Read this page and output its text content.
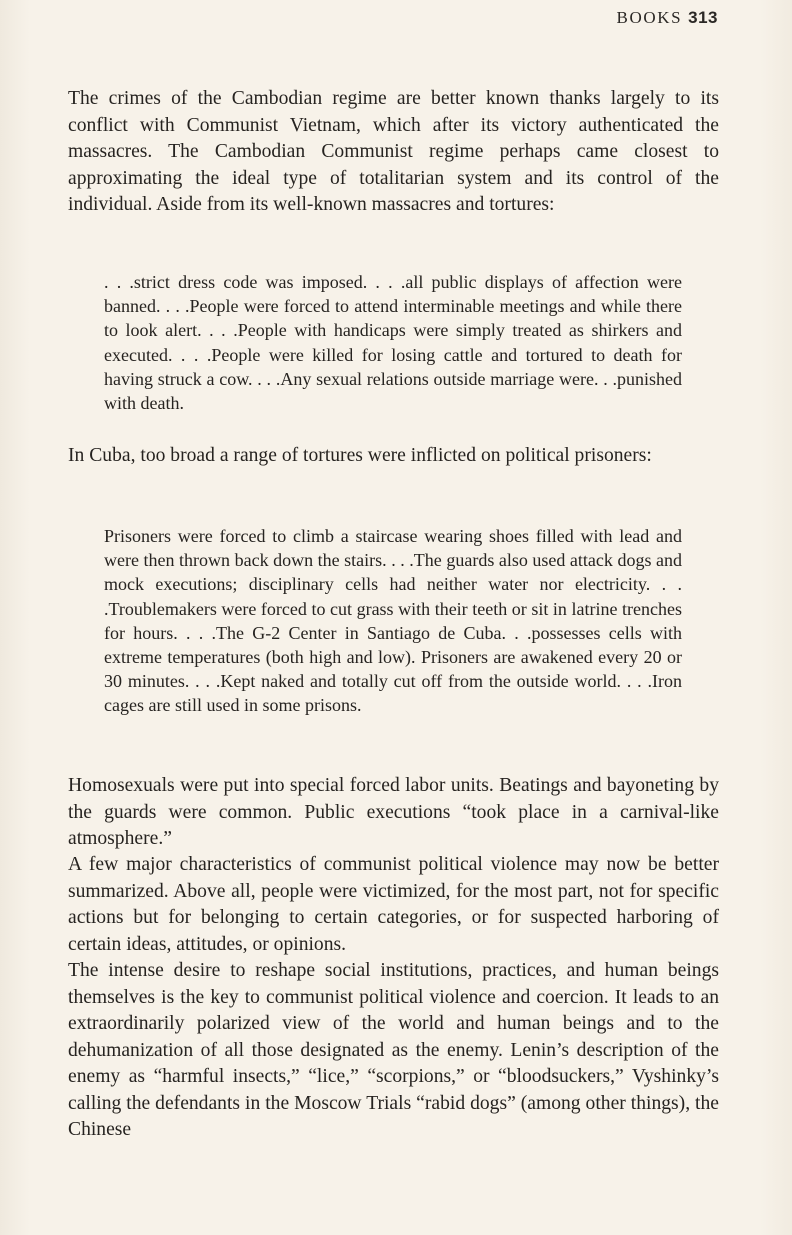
BOOKS 313

The crimes of the Cambodian regime are better known thanks largely to its conflict with Communist Vietnam, which after its victory authenticated the massacres. The Cambodian Communist regime perhaps came closest to approximating the ideal type of totalitarian system and its control of the individual. Aside from its well-known massacres and tortures:

. . .strict dress code was imposed. . . .all public displays of affection were banned. . . .People were forced to attend interminable meetings and while there to look alert. . . .People with handicaps were simply treated as shirkers and executed. . . .People were killed for losing cattle and tortured to death for having struck a cow. . . .Any sexual relations outside marriage were. . .punished with death.

In Cuba, too broad a range of tortures were inflicted on political prisoners:

Prisoners were forced to climb a staircase wearing shoes filled with lead and were then thrown back down the stairs. . . .The guards also used attack dogs and mock executions; disciplinary cells had neither water nor electricity. . . .Troublemakers were forced to cut grass with their teeth or sit in latrine trenches for hours. . . .The G-2 Center in Santiago de Cuba. . .possesses cells with extreme temperatures (both high and low). Prisoners are awakened every 20 or 30 minutes. . . .Kept naked and totally cut off from the outside world. . . .Iron cages are still used in some prisons.

Homosexuals were put into special forced labor units. Beatings and bayoneting by the guards were common. Public executions “took place in a carnival-like atmosphere.”

A few major characteristics of communist political violence may now be better summarized. Above all, people were victimized, for the most part, not for specific actions but for belonging to certain categories, or for suspected harboring of certain ideas, attitudes, or opinions.

The intense desire to reshape social institutions, practices, and human beings themselves is the key to communist political violence and coercion. It leads to an extraordinarily polarized view of the world and human beings and to the dehumanization of all those designated as the enemy. Lenin’s description of the enemy as “harmful insects,” “lice,” “scorpions,” or “bloodsuckers,” Vyshinky’s calling the defendants in the Moscow Trials “rabid dogs” (among other things), the Chinese
